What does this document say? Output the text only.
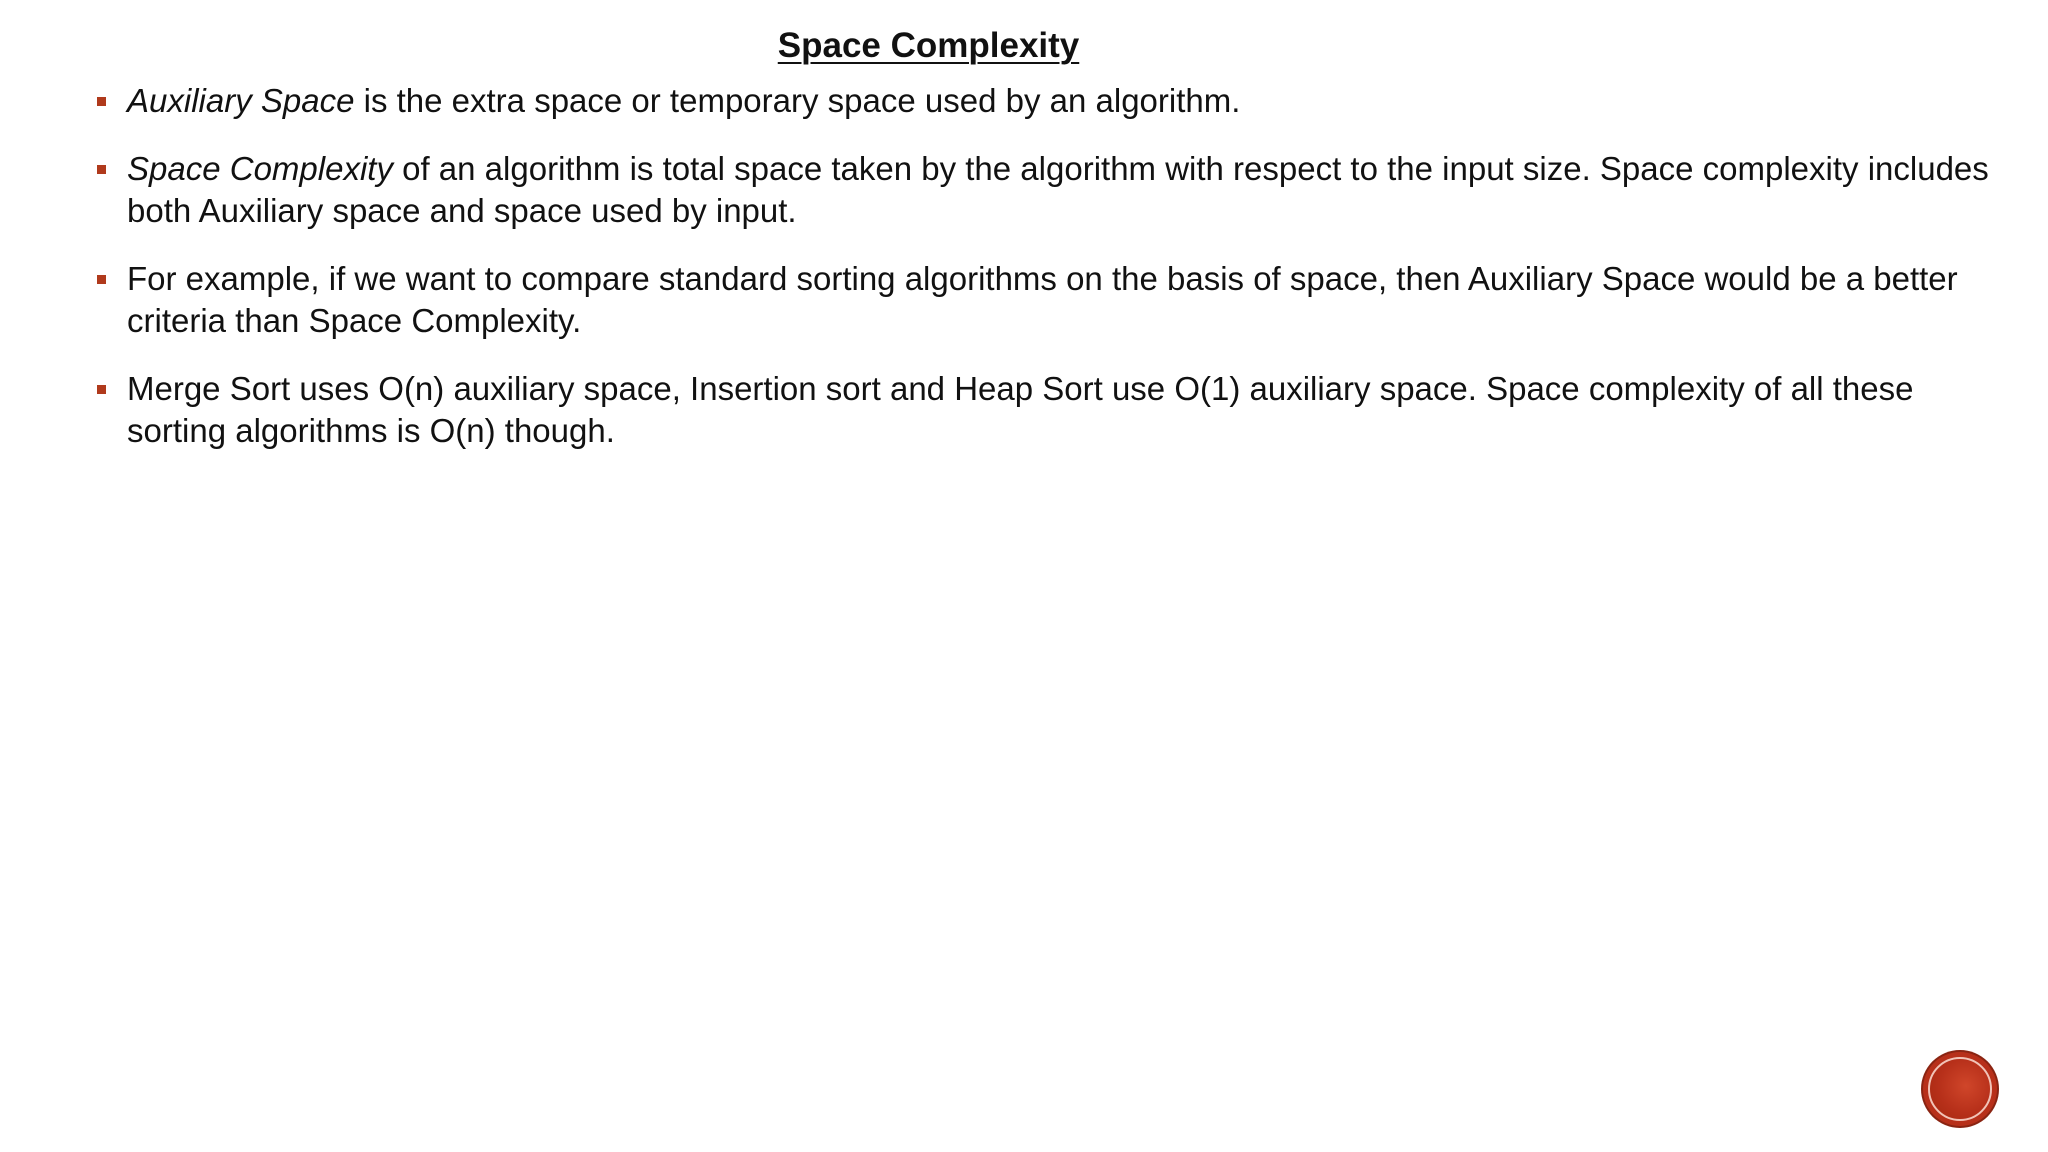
Space Complexity
Auxiliary Space is the extra space or temporary space used by an algorithm.
Space Complexity of an algorithm is total space taken by the algorithm with respect to the input size. Space complexity includes both Auxiliary space and space used by input.
For example, if we want to compare standard sorting algorithms on the basis of space, then Auxiliary Space would be a better criteria than Space Complexity.
Merge Sort uses O(n) auxiliary space, Insertion sort and Heap Sort use O(1) auxiliary space. Space complexity of all these sorting algorithms is O(n) though.
